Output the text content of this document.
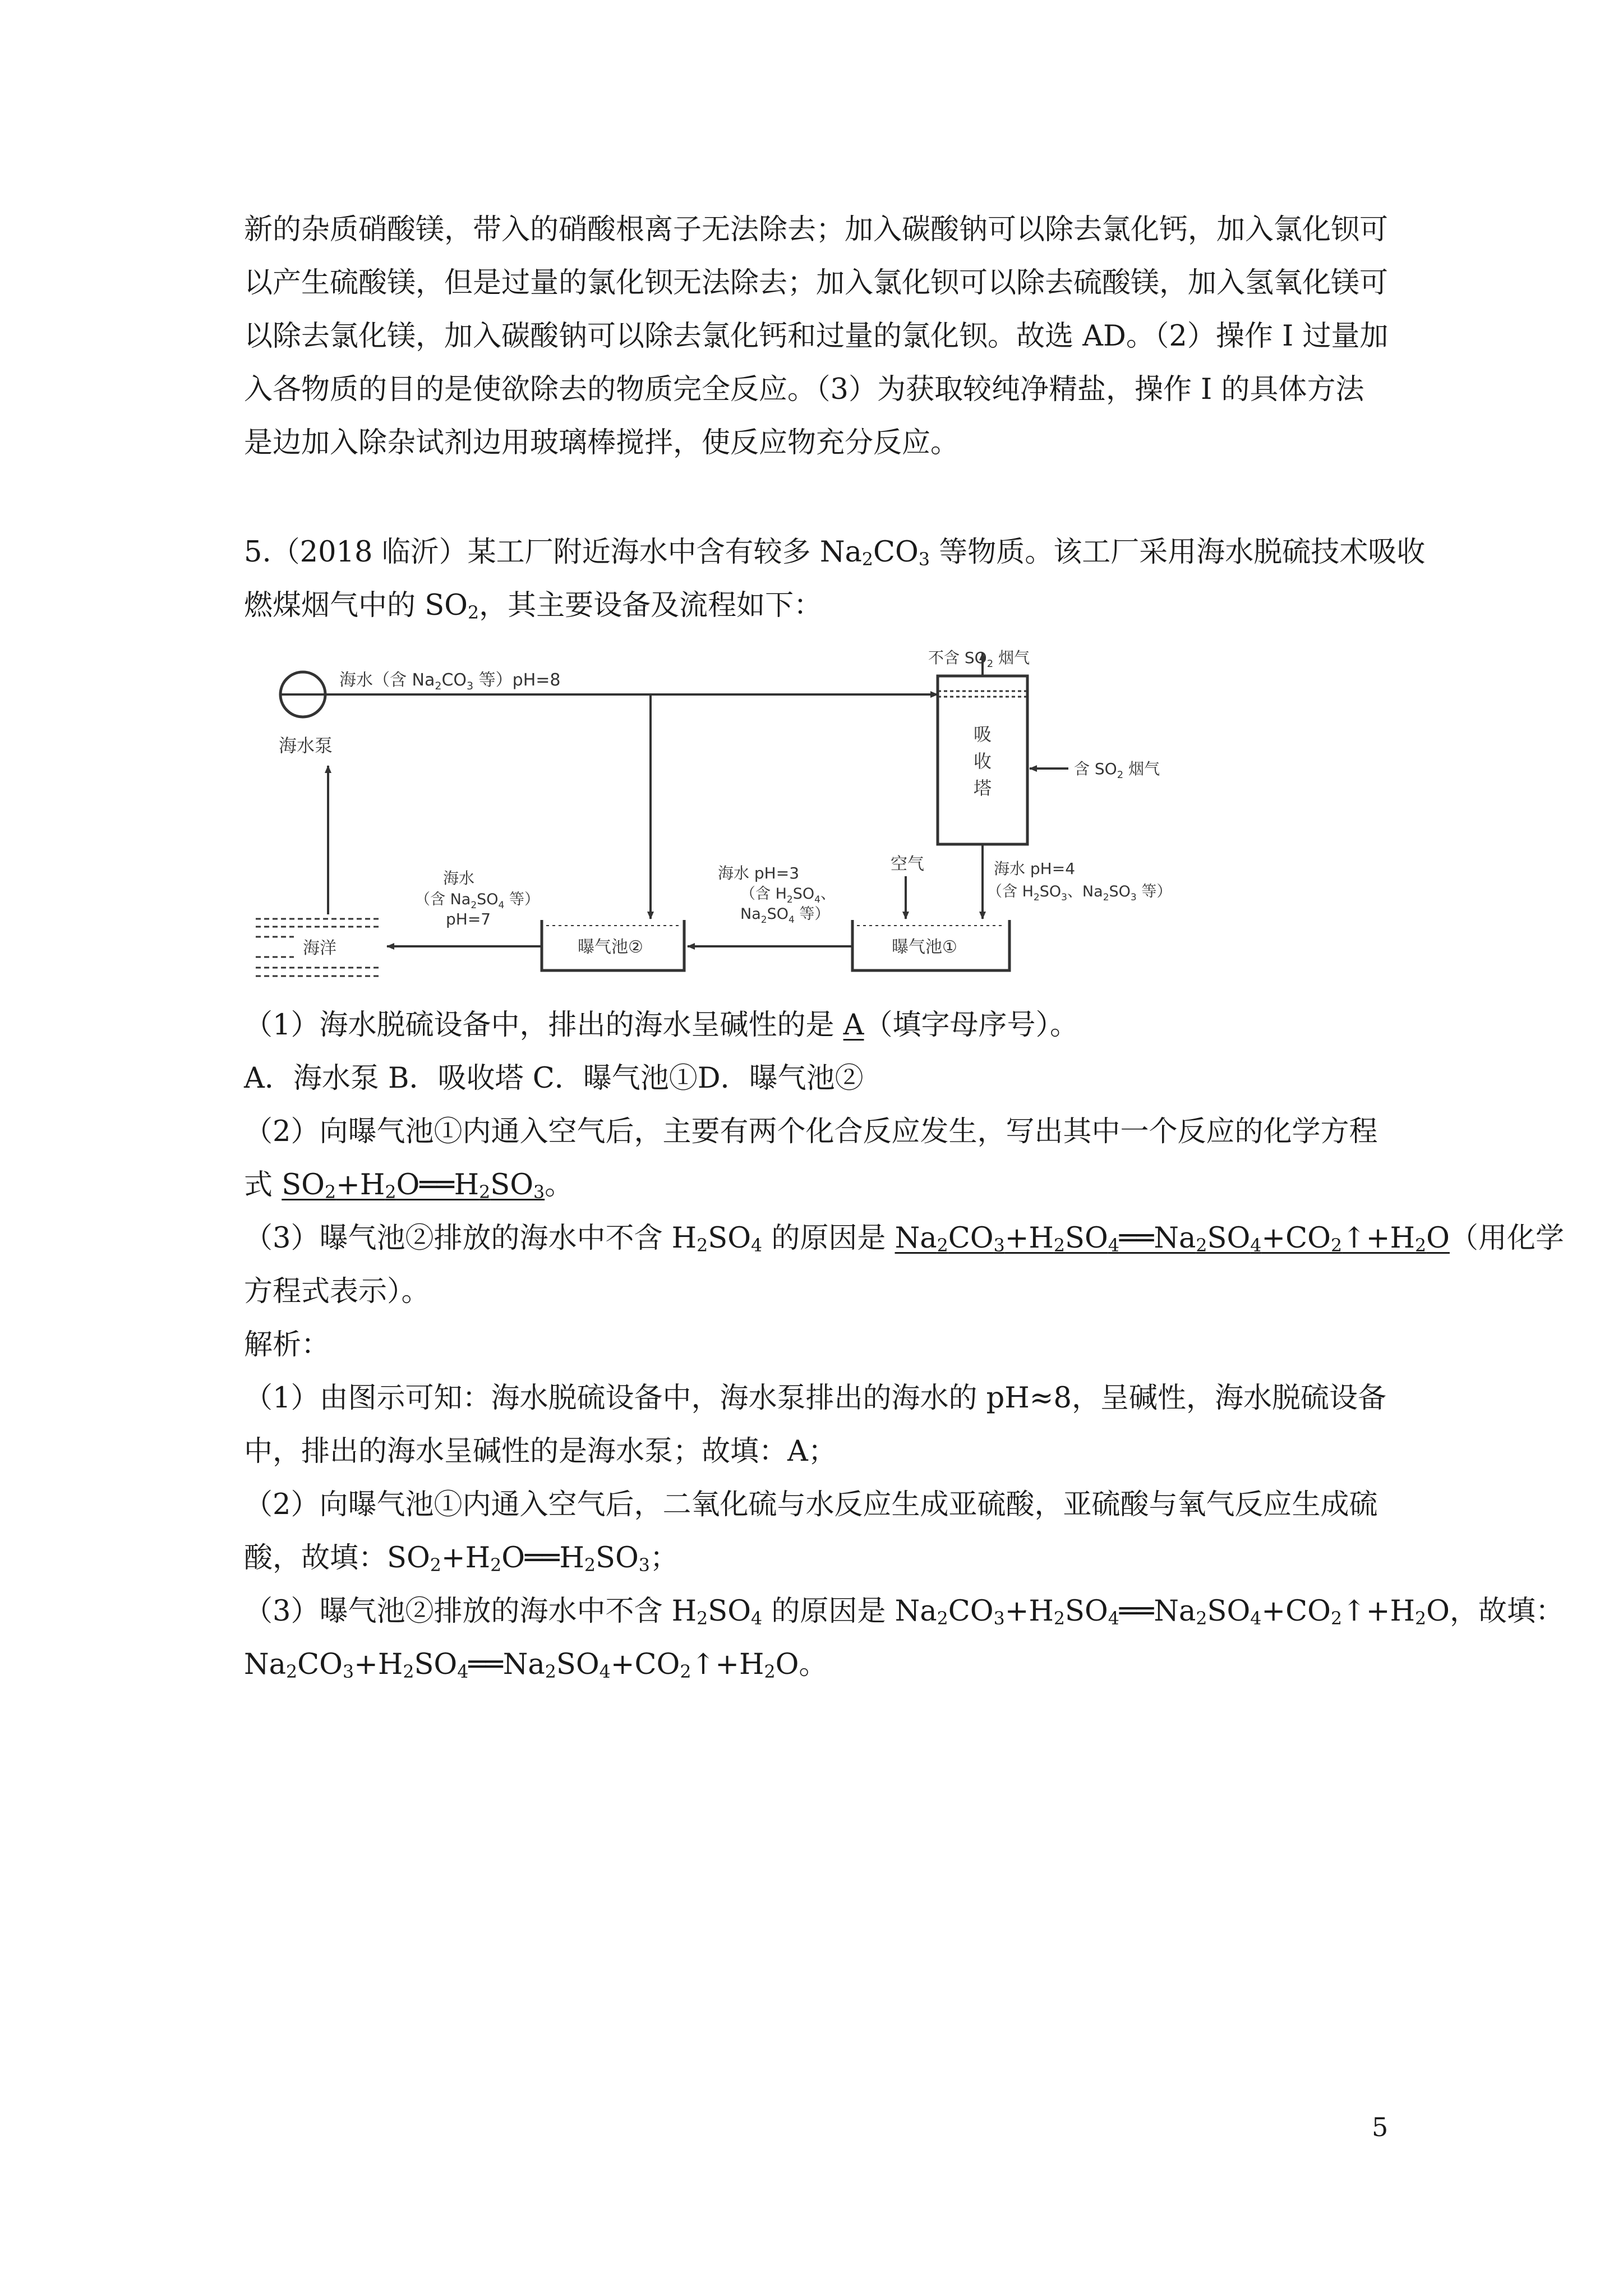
新的杂质硝酸镁，带入的硝酸根离子无法除去；加入碳酸钠可以除去氯化钙，加入氯化钡可
以产生硫酸镁，但是过量的氯化钡无法除去；加入氯化钡可以除去硫酸镁，加入氢氧化镁可
以除去氯化镁，加入碳酸钠可以除去氯化钙和过量的氯化钡。故选 AD。（2）操作 I 过量加
入各物质的目的是使欲除去的物质完全反应。（3）为获取较纯净精盐，操作 I 的具体方法
是边加入除杂试剂边用玻璃棒搅拌，使反应物充分反应。
5.（2018 临沂）某工厂附近海水中含有较多 $Na_2CO_3$ 等物质。该工厂采用海水脱硫技术吸收
燃煤烟气中的 $SO_2$，其主要设备及流程如下：
海水泵
海水（含 $Na_2CO_3$ 等）pH=8
吸收塔
不含 $SO_2$ 烟气
含 $SO_2$ 烟气
海水 pH=4
（含 $H_2SO_3$、$Na_2SO_3$ 等）
曝气池①
空气
海水 pH=3
（含 $H_2SO_4$、
$Na_2SO_4$ 等）
曝气池②
海水
（含 $Na_2SO_4$ 等）
pH=7
海洋
（1）海水脱硫设备中，排出的海水呈碱性的是 A（填字母序号）。
A．海水泵 B．吸收塔 C．曝气池①D．曝气池②
（2）向曝气池①内通入空气后，主要有两个化合反应发生，写出其中一个反应的化学方程
式 $SO_2+H_2O══H_2SO_3$。
（3）曝气池②排放的海水中不含 $H_2SO_4$ 的原因是 $Na_2CO_3+H_2SO_4══Na_2SO_4+CO_2↑+H_2O$（用化学
方程式表示）。
解析：
（1）由图示可知：海水脱硫设备中，海水泵排出的海水的 pH≈8，呈碱性，海水脱硫设备
中，排出的海水呈碱性的是海水泵；故填：A；
（2）向曝气池①内通入空气后，二氧化硫与水反应生成亚硫酸，亚硫酸与氧气反应生成硫
酸，故填：$SO_2+H_2O══H_2SO_3$；
（3）曝气池②排放的海水中不含 $H_2SO_4$ 的原因是 $Na_2CO_3+H_2SO_4══Na_2SO_4+CO_2↑+H_2O$，故填：
$Na_2CO_3+H_2SO_4══Na_2SO_4+CO_2↑+H_2O$。
5
